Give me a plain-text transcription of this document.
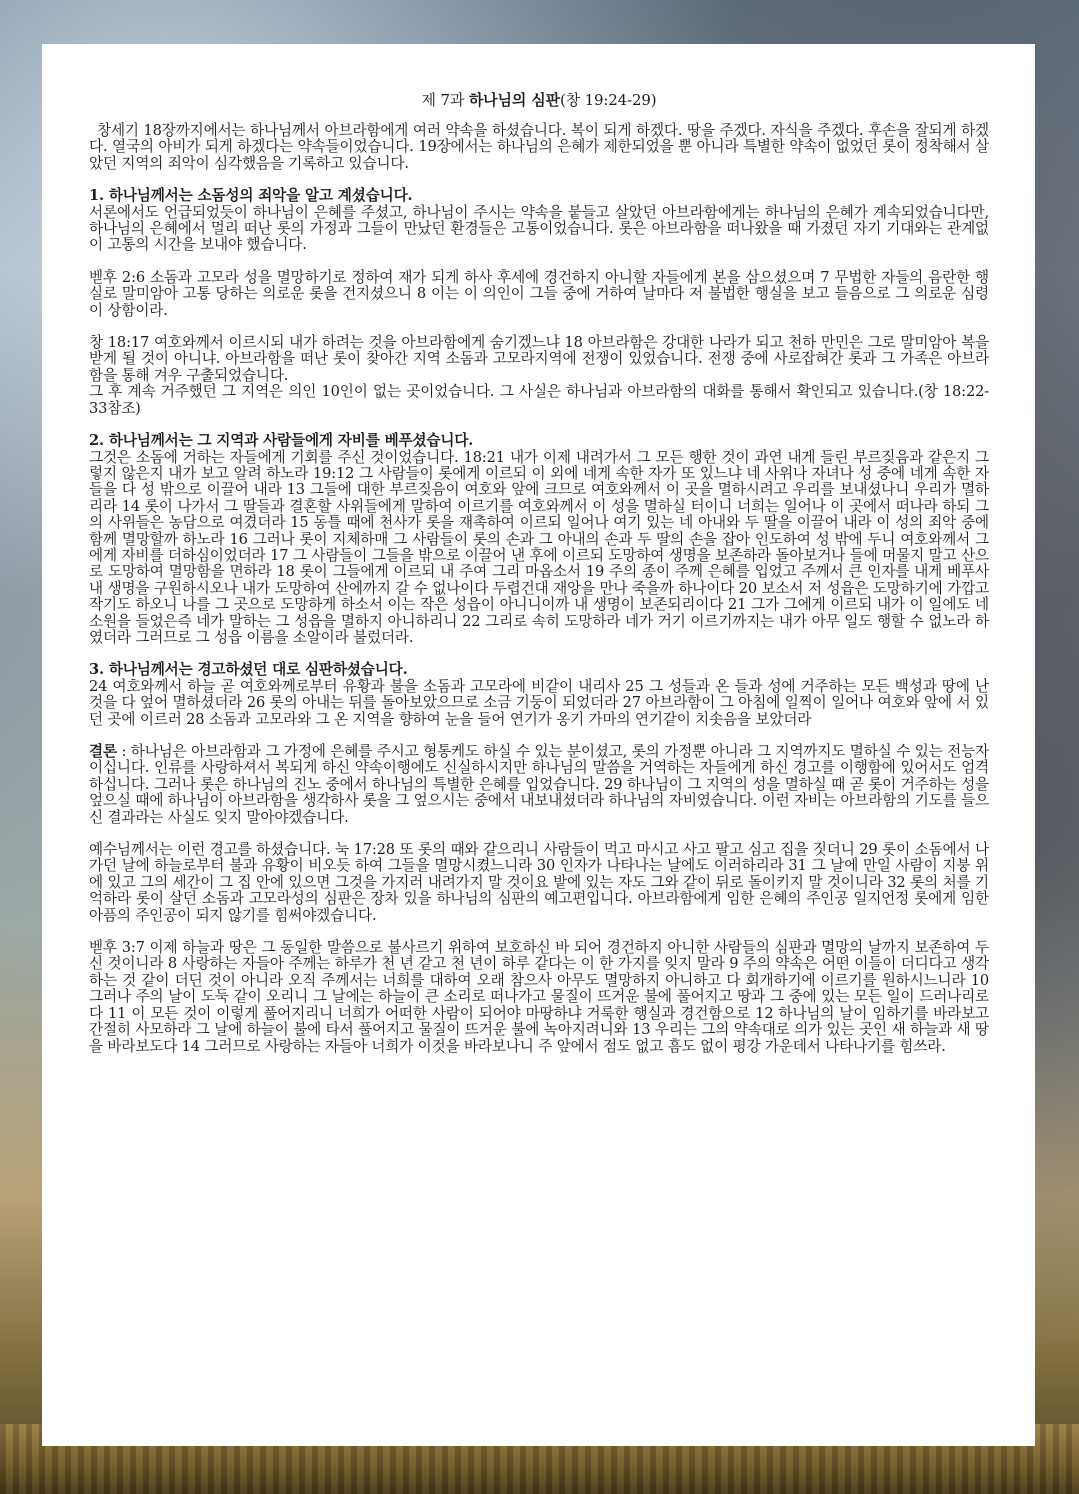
제 7과 하나님의 심판(창 19:24-29)

창세기 18장까지에서는 하나님께서 아브라함에게 여러 약속을 하셨습니다. 복이 되게 하겠다. 땅을 주겠다. 자식을 주겠다. 후손을 잘되게 하겠다. 열국의 아비가 되게 하겠다는 약속들이었습니다. 19장에서는 하나님의 은혜가 제한되었을 뿐 아니라 특별한 약속이 없었던 롯이 정착해서 살았던 지역의 죄악이 심각했음을 기록하고 있습니다.

1. 하나님께서는 소돔성의 죄악을 알고 계셨습니다.

서론에서도 언급되었듯이 하나님이 은혜를 주셨고, 하나님이 주시는 약속을 붙들고 살았던 아브라함에게는 하나님의 은혜가 계속되었습니다만, 하나님의 은혜에서 멀리 떠난 롯의 가정과 그들이 만났던 환경들은 고통이었습니다. 롯은 아브라함을 떠나왔을 때 가졌던 자기 기대와는 관계없이 고통의 시간을 보내야 했습니다.

벧후 2:6 소돔과 고모라 성을 멸망하기로 정하여 재가 되게 하사 후세에 경건하지 아니할 자들에게 본을 삼으셨으며 7 무법한 자들의 음란한 행실로 말미암아 고통 당하는 의로운 롯을 건지셨으니 8 이는 이 의인이 그들 중에 거하여 날마다 저 불법한 행실을 보고 들음으로 그 의로운 심령이 상함이라.

창 18:17 여호와께서 이르시되 내가 하려는 것을 아브라함에게 숨기겠느냐 18 아브라함은 강대한 나라가 되고 천하 만민은 그로 말미암아 복을 받게 될 것이 아니냐. 아브라함을 떠난 롯이 찾아간 지역 소돔과 고모라지역에 전쟁이 있었습니다. 전쟁 중에 사로잡혀간 롯과 그 가족은 아브라함을 통해 겨우 구출되었습니다.

그 후 계속 거주했던 그 지역은 의인 10인이 없는 곳이었습니다. 그 사실은 하나님과 아브라함의 대화를 통해서 확인되고 있습니다.(창 18:22-33참조)

2. 하나님께서는 그 지역과 사람들에게 자비를 베푸셨습니다.

그것은 소돔에 거하는 자들에게 기회를 주신 것이었습니다. 18:21 내가 이제 내려가서 그 모든 행한 것이 과연 내게 들린 부르짖음과 같은지 그렇지 않은지 내가 보고 알려 하노라 19:12 그 사람들이 롯에게 이르되 이 외에 네게 속한 자가 또 있느냐 네 사위나 자녀나 성 중에 네게 속한 자들을 다 성 밖으로 이끌어 내라 13 그들에 대한 부르짖음이 여호와 앞에 크므로 여호와께서 이 곳을 멸하시려고 우리를 보내셨나니 우리가 멸하리라 14 롯이 나가서 그 딸들과 결혼할 사위들에게 말하여 이르기를 여호와께서 이 성을 멸하실 터이니 너희는 일어나 이 곳에서 떠나라 하되 그의 사위들은 농담으로 여겼더라 15 동틀 때에 천사가 롯을 재촉하여 이르되 일어나 여기 있는 네 아내와 두 딸을 이끌어 내라 이 성의 죄악 중에 함께 멸망할까 하노라 16 그러나 롯이 지체하매 그 사람들이 롯의 손과 그 아내의 손과 두 딸의 손을 잡아 인도하여 성 밖에 두니 여호와께서 그에게 자비를 더하심이었더라 17 그 사람들이 그들을 밖으로 이끌어 낸 후에 이르되 도망하여 생명을 보존하라 돌아보거나 들에 머물지 말고 산으로 도망하여 멸망함을 면하라 18 롯이 그들에게 이르되 내 주여 그리 마옵소서 19 주의 종이 주께 은혜를 입었고 주께서 큰 인자를 내게 베푸사 내 생명을 구원하시오나 내가 도망하여 산에까지 갈 수 없나이다 두렵건대 재앙을 만나 죽을까 하나이다 20 보소서 저 성읍은 도망하기에 가깝고 작기도 하오니 나를 그 곳으로 도망하게 하소서 이는 작은 성읍이 아니니이까 내 생명이 보존되리이다 21 그가 그에게 이르되 내가 이 일에도 네 소원을 들었은즉 네가 말하는 그 성읍을 멸하지 아니하리니 22 그리로 속히 도망하라 네가 거기 이르기까지는 내가 아무 일도 행할 수 없노라 하였더라 그러므로 그 성읍 이름을 소알이라 불렀더라.

3. 하나님께서는 경고하셨던 대로 심판하셨습니다.

24 여호와께서 하늘 곧 여호와께로부터 유황과 불을 소돔과 고모라에 비같이 내리사 25 그 성들과 온 들과 성에 거주하는 모든 백성과 땅에 난 것을 다 엎어 멸하셨더라 26 롯의 아내는 뒤를 돌아보았으므로 소금 기둥이 되었더라 27 아브라함이 그 아침에 일찍이 일어나 여호와 앞에 서 있던 곳에 이르러 28 소돔과 고모라와 그 온 지역을 향하여 눈을 들어 연기가 옹기 가마의 연기같이 치솟음을 보았더라

결론 : 하나님은 아브라함과 그 가정에 은혜를 주시고 형통케도 하실 수 있는 분이셨고, 롯의 가정뿐 아니라 그 지역까지도 멸하실 수 있는 전능자이십니다. 인류를 사랑하셔서 복되게 하신 약속이행에도 신실하시지만 하나님의 말씀을 거역하는 자들에게 하신 경고를 이행함에 있어서도 엄격하십니다. 그러나 롯은 하나님의 진노 중에서 하나님의 특별한 은혜를 입었습니다. 29 하나님이 그 지역의 성을 멸하실 때 곧 롯이 거주하는 성을 엎으실 때에 하나님이 아브라함을 생각하사 롯을 그 엎으시는 중에서 내보내셨더라 하나님의 자비였습니다. 이런 자비는 아브라함의 기도를 들으신 결과라는 사실도 잊지 말아야겠습니다.

예수님께서는 이런 경고를 하셨습니다. 눅 17:28 또 롯의 때와 같으리니 사람들이 먹고 마시고 사고 팔고 심고 집을 짓더니 29 롯이 소돔에서 나가던 날에 하늘로부터 불과 유황이 비오듯 하여 그들을 멸망시켰느니라 30 인자가 나타나는 날에도 이러하리라 31 그 날에 만일 사람이 지붕 위에 있고 그의 세간이 그 집 안에 있으면 그것을 가지러 내려가지 말 것이요 밭에 있는 자도 그와 같이 뒤로 돌이키지 말 것이니라 32 롯의 처를 기억하라 롯이 살던 소돔과 고모라성의 심판은 장차 있을 하나님의 심판의 예고편입니다. 아브라함에게 임한 은혜의 주인공 일지언정 롯에게 임한 아픔의 주인공이 되지 않기를 힘써야겠습니다.

벧후 3:7 이제 하늘과 땅은 그 동일한 말씀으로 불사르기 위하여 보호하신 바 되어 경건하지 아니한 사람들의 심판과 멸망의 날까지 보존하여 두신 것이니라 8 사랑하는 자들아 주께는 하루가 천 년 같고 천 년이 하루 같다는 이 한 가지를 잊지 말라 9 주의 약속은 어떤 이들이 더디다고 생각하는 것 같이 더딘 것이 아니라 오직 주께서는 너희를 대하여 오래 참으사 아무도 멸망하지 아니하고 다 회개하기에 이르기를 원하시느니라 10 그러나 주의 날이 도둑 같이 오리니 그 날에는 하늘이 큰 소리로 떠나가고 물질이 뜨거운 불에 풀어지고 땅과 그 중에 있는 모든 일이 드러나리로다 11 이 모든 것이 이렇게 풀어지리니 너희가 어떠한 사람이 되어야 마땅하냐 거룩한 행실과 경건함으로 12 하나님의 날이 임하기를 바라보고 간절히 사모하라 그 날에 하늘이 불에 타서 풀어지고 물질이 뜨거운 불에 녹아지려니와 13 우리는 그의 약속대로 의가 있는 곳인 새 하늘과 새 땅을 바라보도다 14 그러므로 사랑하는 자들아 너희가 이것을 바라보나니 주 앞에서 점도 없고 흠도 없이 평강 가운데서 나타나기를 힘쓰라.
